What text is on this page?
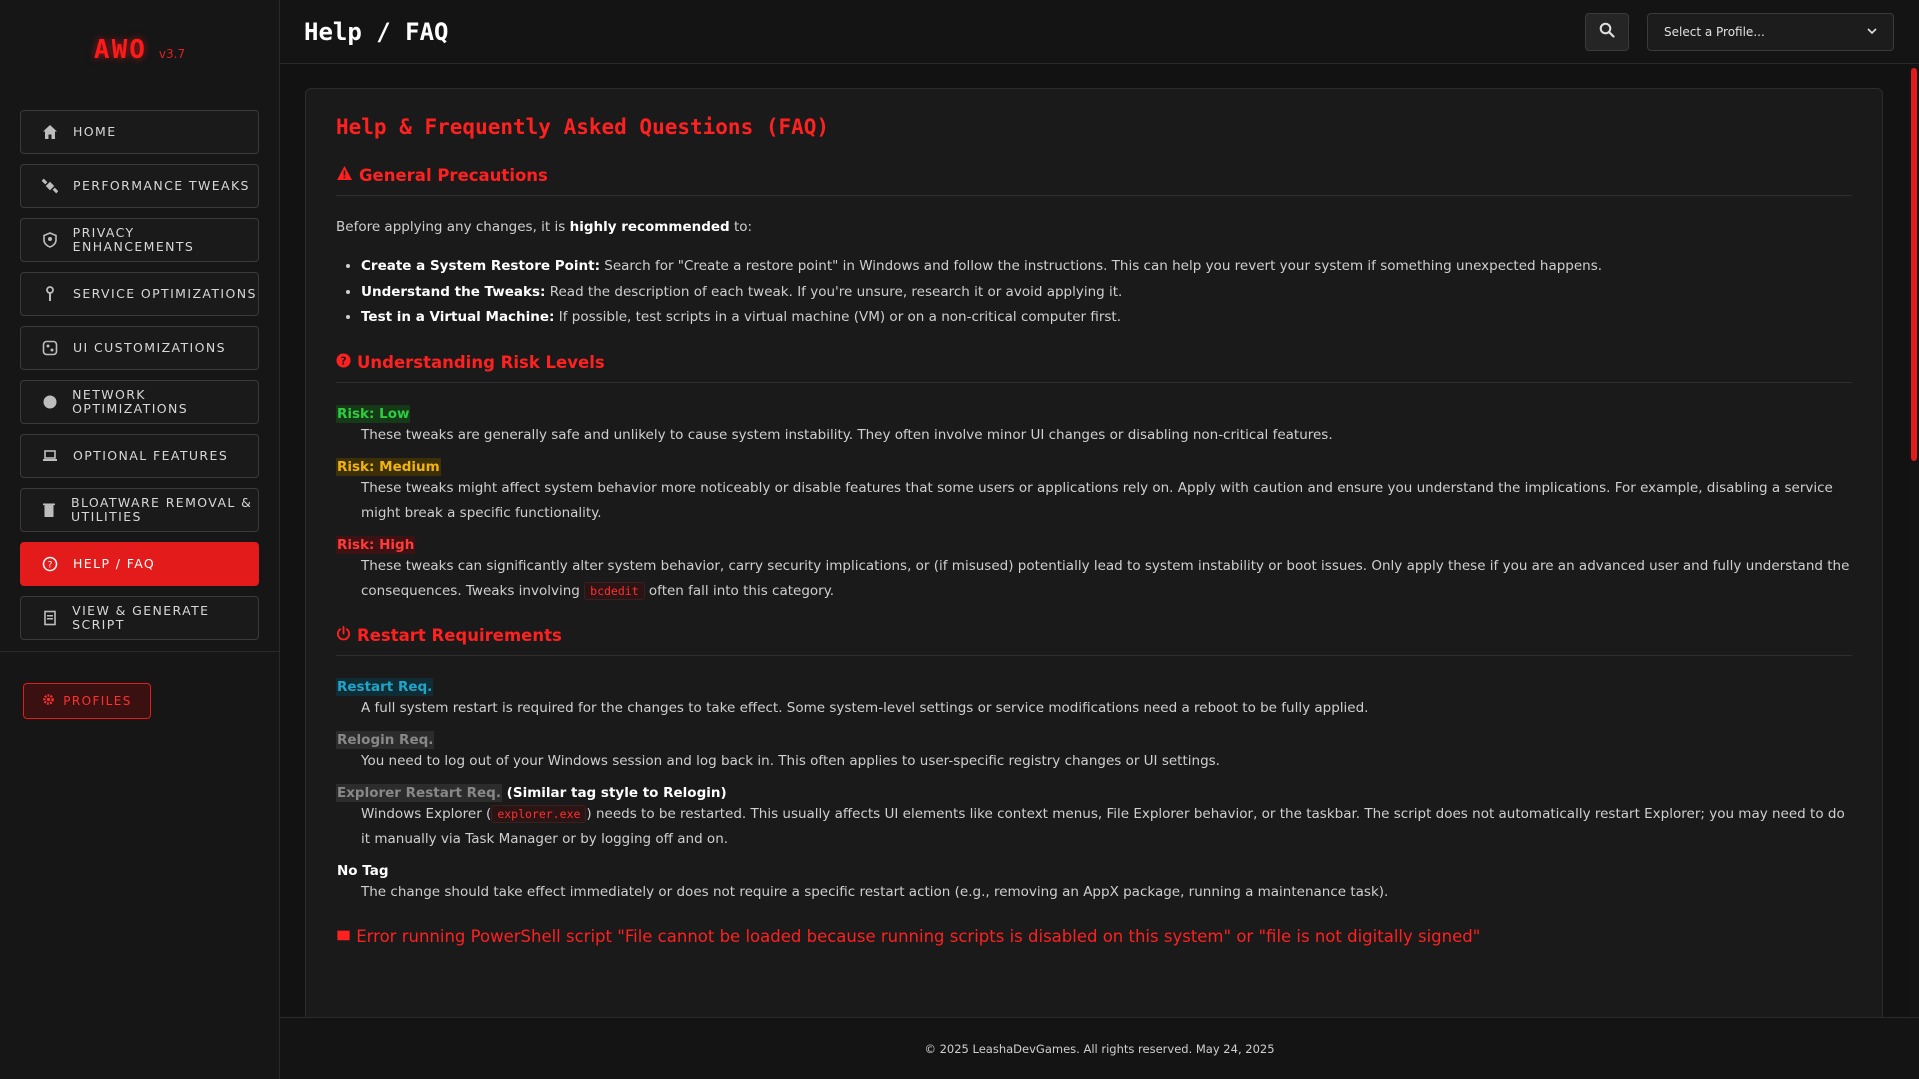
AWO v3.7
HOME
PERFORMANCE TWEAKS
PRIVACY ENHANCEMENTS
SERVICE OPTIMIZATIONS
UI CUSTOMIZATIONS
NETWORK OPTIMIZATIONS
OPTIONAL FEATURES
BLOATWARE REMOVAL & UTILITIES
? HELP / FAQ
VIEW & GENERATE SCRIPT
PROFILES
Help / FAQ	Select a Profile...
Help & Frequently Asked Questions (FAQ)
General Precautions

Before applying any changes, it is highly recommended to:

• Create a System Restore Point: Search for "Create a restore point" in Windows and follow the instructions. This can help you revert your system if something unexpected happens.
• Understand the Tweaks: Read the description of each tweak. If you're unsure, research it or avoid applying it.
• Test in a Virtual Machine: If possible, test scripts in a virtual machine (VM) or on a non-critical computer first.
? Understanding Risk Levels
Risk: Low
These tweaks are generally safe and unlikely to cause system instability. They often involve minor UI changes or disabling non-critical features.
Risk: Medium
These tweaks might affect system behavior more noticeably or disable features that some users or applications rely on. Apply with caution and ensure you understand the implications. For example, disabling a service might break a specific functionality.
Risk: High
These tweaks can significantly alter system behavior, carry security implications, or (if misused) potentially lead to system instability or boot issues. Only apply these if you are an advanced user and fully understand the consequences. Tweaks involving bcdedit often fall into this category.
Restart Requirements
Restart Req.
A full system restart is required for the changes to take effect. Some system-level settings or service modifications need a reboot to be fully applied.
Relogin Req.
You need to log out of your Windows session and log back in. This often applies to user-specific registry changes or UI settings.
Explorer Restart Req. (Similar tag style to Relogin)
Windows Explorer ( explorer.exe ) needs to be restarted. This usually affects UI elements like context menus, File Explorer behavior, or the taskbar. The script does not automatically restart Explorer; you may need to do it manually via Task Manager or by logging off and on.
No Tag
The change should take effect immediately or does not require a specific restart action (e.g., removing an AppX package, running a maintenance task).
Error running PowerShell script "File cannot be loaded because running scripts is disabled on this system" or "file is not digitally signed"
© 2025 LeashaDevGames. All rights reserved. May 24, 2025
